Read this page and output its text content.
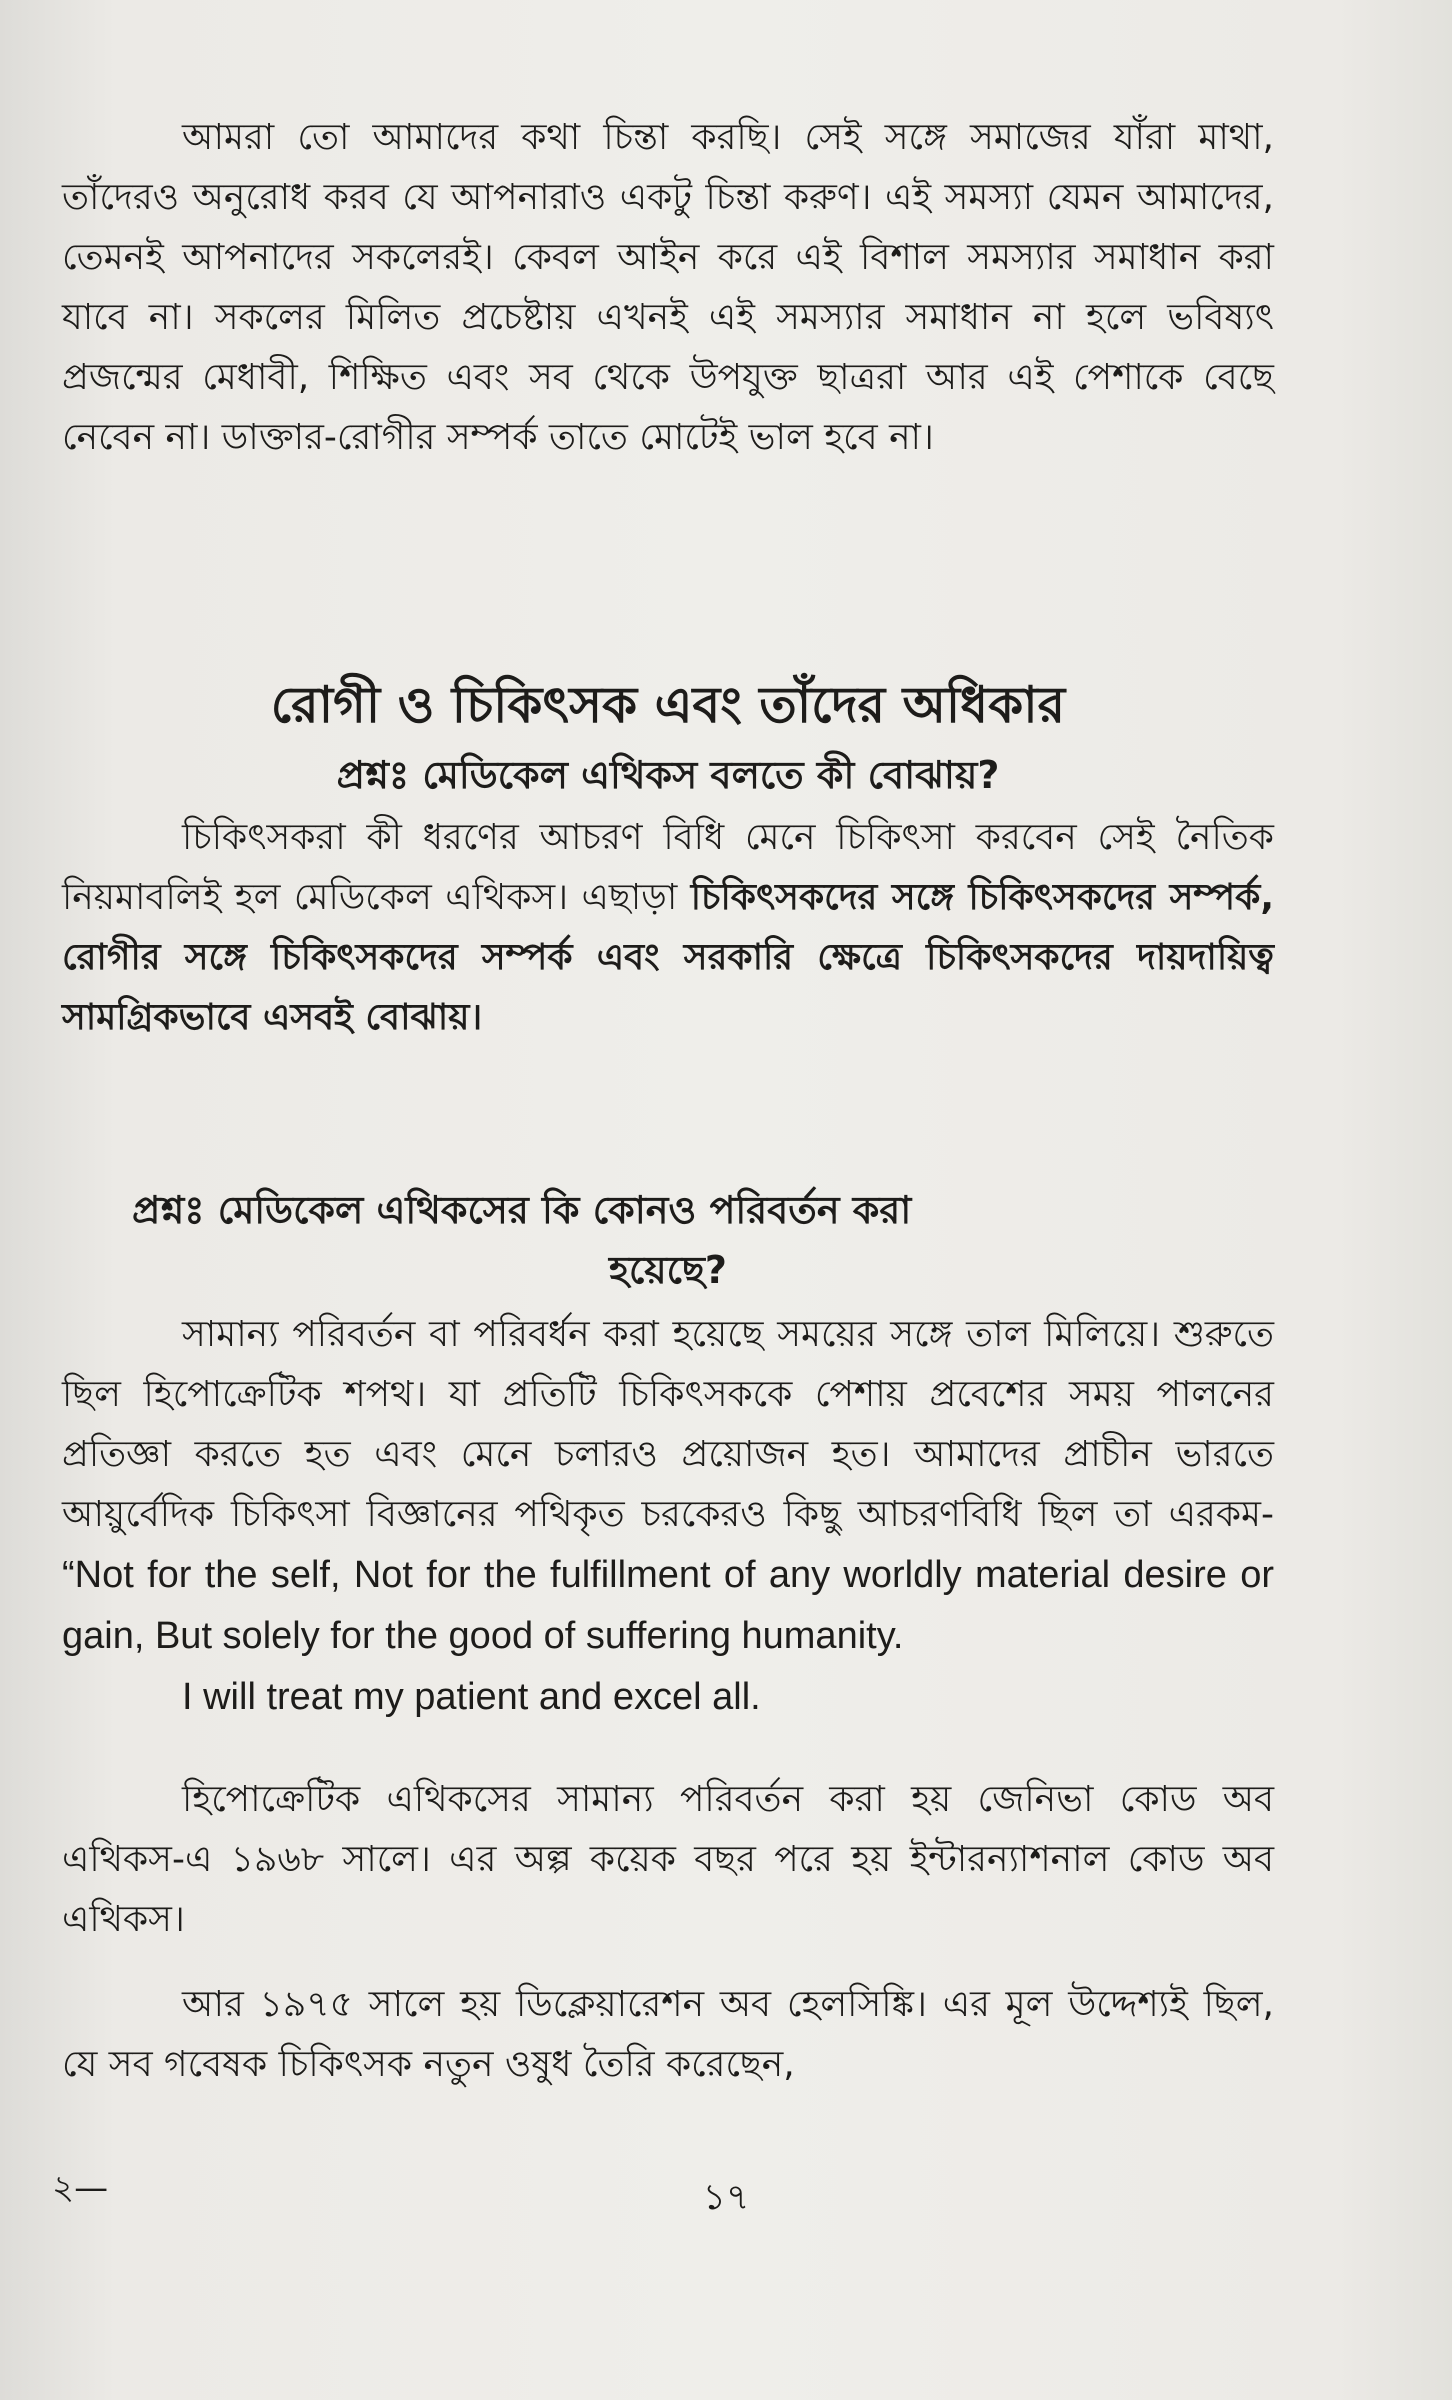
আমরা তো আমাদের কথা চিন্তা করছি। সেই সঙ্গে সমাজের যাঁরা মাথা, তাঁদেরও অনুরোধ করব যে আপনারাও একটু চিন্তা করুণ। এই সমস্যা যেমন আমাদের, তেমনই আপনাদের সকলেরই। কেবল আইন করে এই বিশাল সমস্যার সমাধান করা যাবে না। সকলের মিলিত প্রচেষ্টায় এখনই এই সমস্যার সমাধান না হলে ভবিষ্যৎ প্রজন্মের মেধাবী, শিক্ষিত এবং সব থেকে উপযুক্ত ছাত্ররা আর এই পেশাকে বেছে নেবেন না। ডাক্তার-রোগীর সম্পর্ক তাতে মোটেই ভাল হবে না।

রোগী ও চিকিৎসক এবং তাঁদের অধিকার
প্রশ্নঃ মেডিকেল এথিকস বলতে কী বোঝায়?

চিকিৎসকরা কী ধরণের আচরণ বিধি মেনে চিকিৎসা করবেন সেই নৈতিক নিয়মাবলিই হল মেডিকেল এথিকস। এছাড়া চিকিৎসকদের সঙ্গে চিকিৎসকদের সম্পর্ক, রোগীর সঙ্গে চিকিৎসকদের সম্পর্ক এবং সরকারি ক্ষেত্রে চিকিৎসকদের দায়দায়িত্ব সামগ্রিকভাবে এসবই বোঝায়।

প্রশ্নঃ মেডিকেল এথিকসের কি কোনও পরিবর্তন করা
হয়েছে?

সামান্য পরিবর্তন বা পরিবর্ধন করা হয়েছে সময়ের সঙ্গে তাল মিলিয়ে। শুরুতে ছিল হিপোক্রেটিক শপথ। যা প্রতিটি চিকিৎসককে পেশায় প্রবেশের সময় পালনের প্রতিজ্ঞা করতে হত এবং মেনে চলারও প্রয়োজন হত। আমাদের প্রাচীন ভারতে আয়ুর্বেদিক চিকিৎসা বিজ্ঞানের পথিকৃত চরকেরও কিছু আচরণবিধি ছিল তা এরকম- “Not for the self, Not for the fulfillment of any worldly material desire or gain, But solely for the good of suffering humanity.

I will treat my patient and excel all.

হিপোক্রেটিক এথিকসের সামান্য পরিবর্তন করা হয় জেনিভা কোড অব এথিকস-এ ১৯৬৮ সালে। এর অল্প কয়েক বছর পরে হয় ইন্টারন্যাশনাল কোড অব এথিকস।

আর ১৯৭৫ সালে হয় ডিক্লেয়ারেশন অব হেলসিঙ্কি। এর মূল উদ্দেশ্যই ছিল, যে সব গবেষক চিকিৎসক নতুন ওষুধ তৈরি করেছেন,

২—	১৭
